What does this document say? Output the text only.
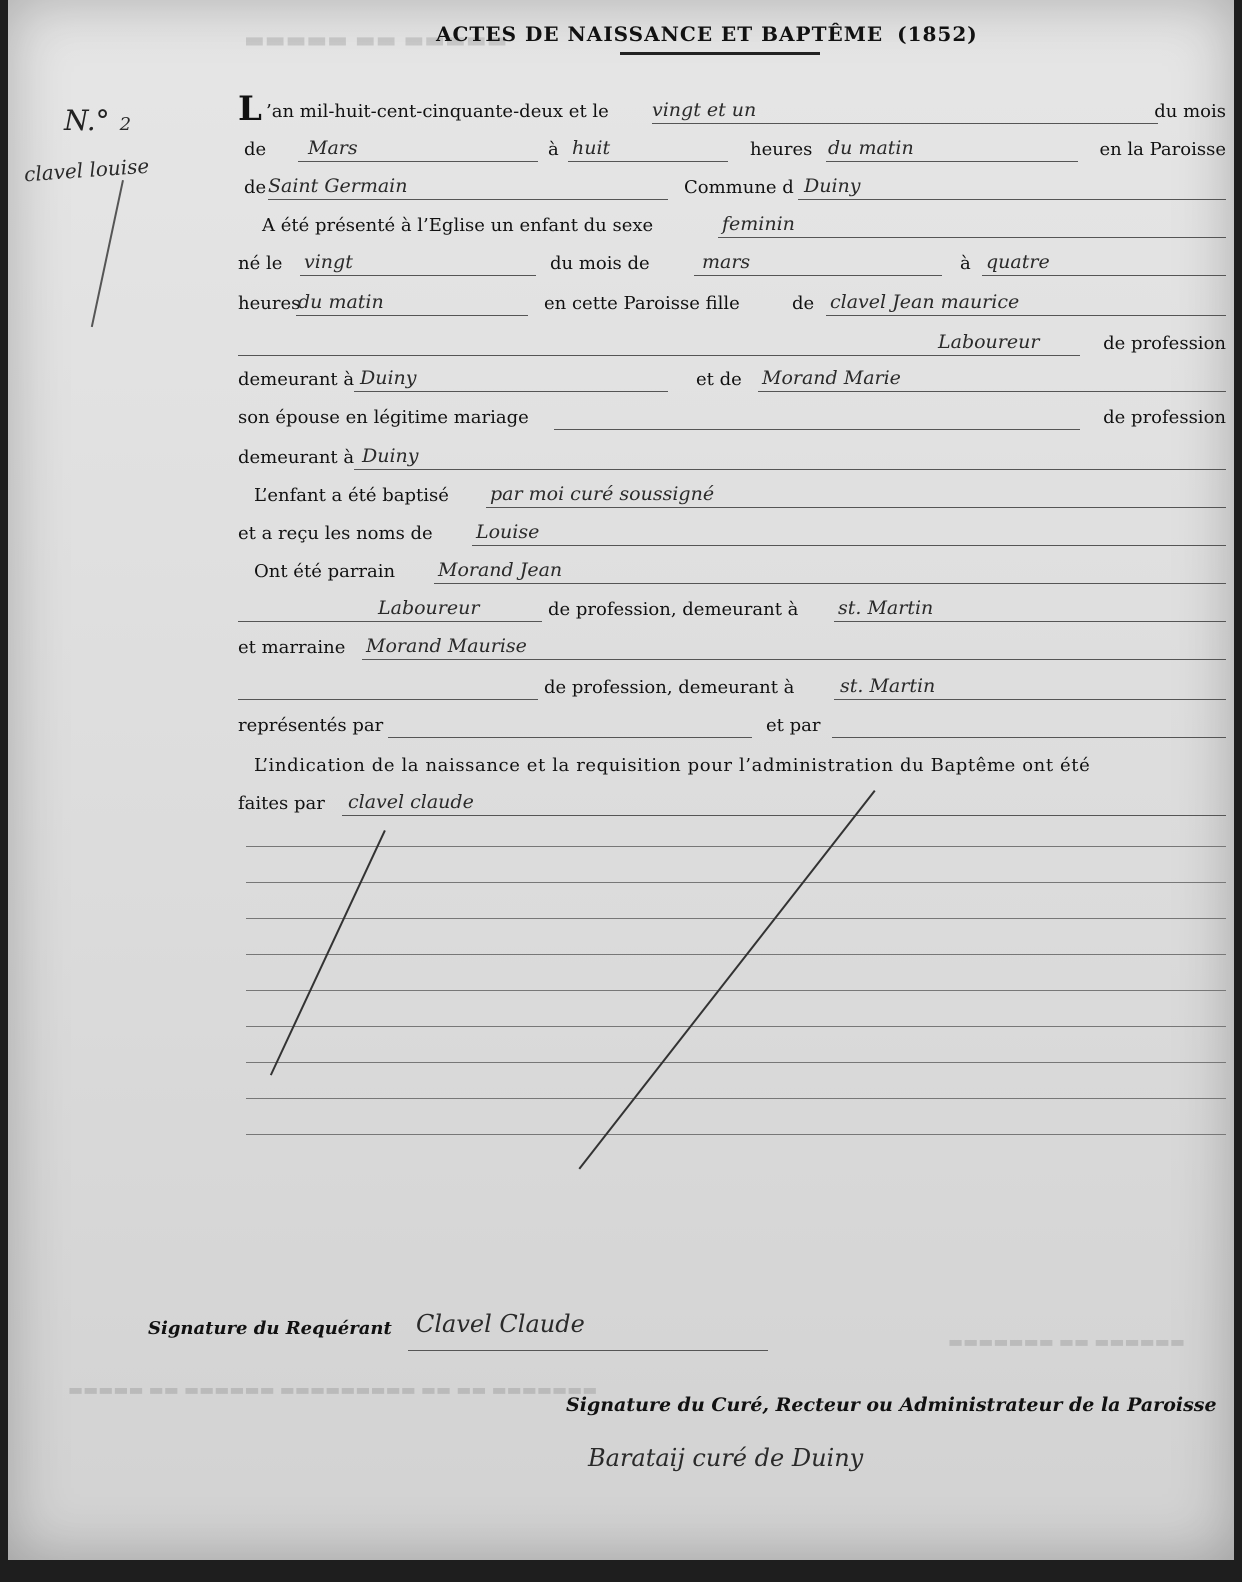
▬▬▬▬▬ ▬▬ ▬▬▬▬▬
▬▬▬▬▬▬▬ ▬▬ ▬▬▬▬▬▬
▬▬▬▬▬ ▬▬ ▬▬▬▬▬▬ ▬▬▬▬▬▬▬▬▬ ▬▬ ▬▬ ▬▬▬▬▬▬▬
ACTES DE NAISSANCE ET BAPTÊME (1852)
N.° 2
clavel louise
L ’an mil-huit-cent-cinquante-deux et le vingt et un	du mois
de Mars	à huit	heures du matin	en la Paroisse
de Saint Germain	Commune d Duiny
A été présenté à l’Eglise un enfant du sexe	feminin
né le vingt	du mois de	mars	à quatre
heures
du matin	en cette Paroisse fille	de clavel Jean maurice
Laboureur	de profession
demeurant à Duiny	et de Morand Marie
son épouse en légitime mariage	de profession
demeurant à Duiny
L’enfant a été baptisé par moi curé soussigné
et a reçu les noms de Louise
Ont été parrain Morand Jean
Laboureur	de profession, demeurant à st. Martin
et marraine Morand Maurise
de profession, demeurant à st. Martin
représentés par	et par
L’indication de la naissance et la requisition pour l’administration du Baptême ont été
faites par clavel claude
Signature du Requérant Clavel Claude
Signature du Curé, Recteur ou Administrateur de la Paroisse
Barataij curé de Duiny
